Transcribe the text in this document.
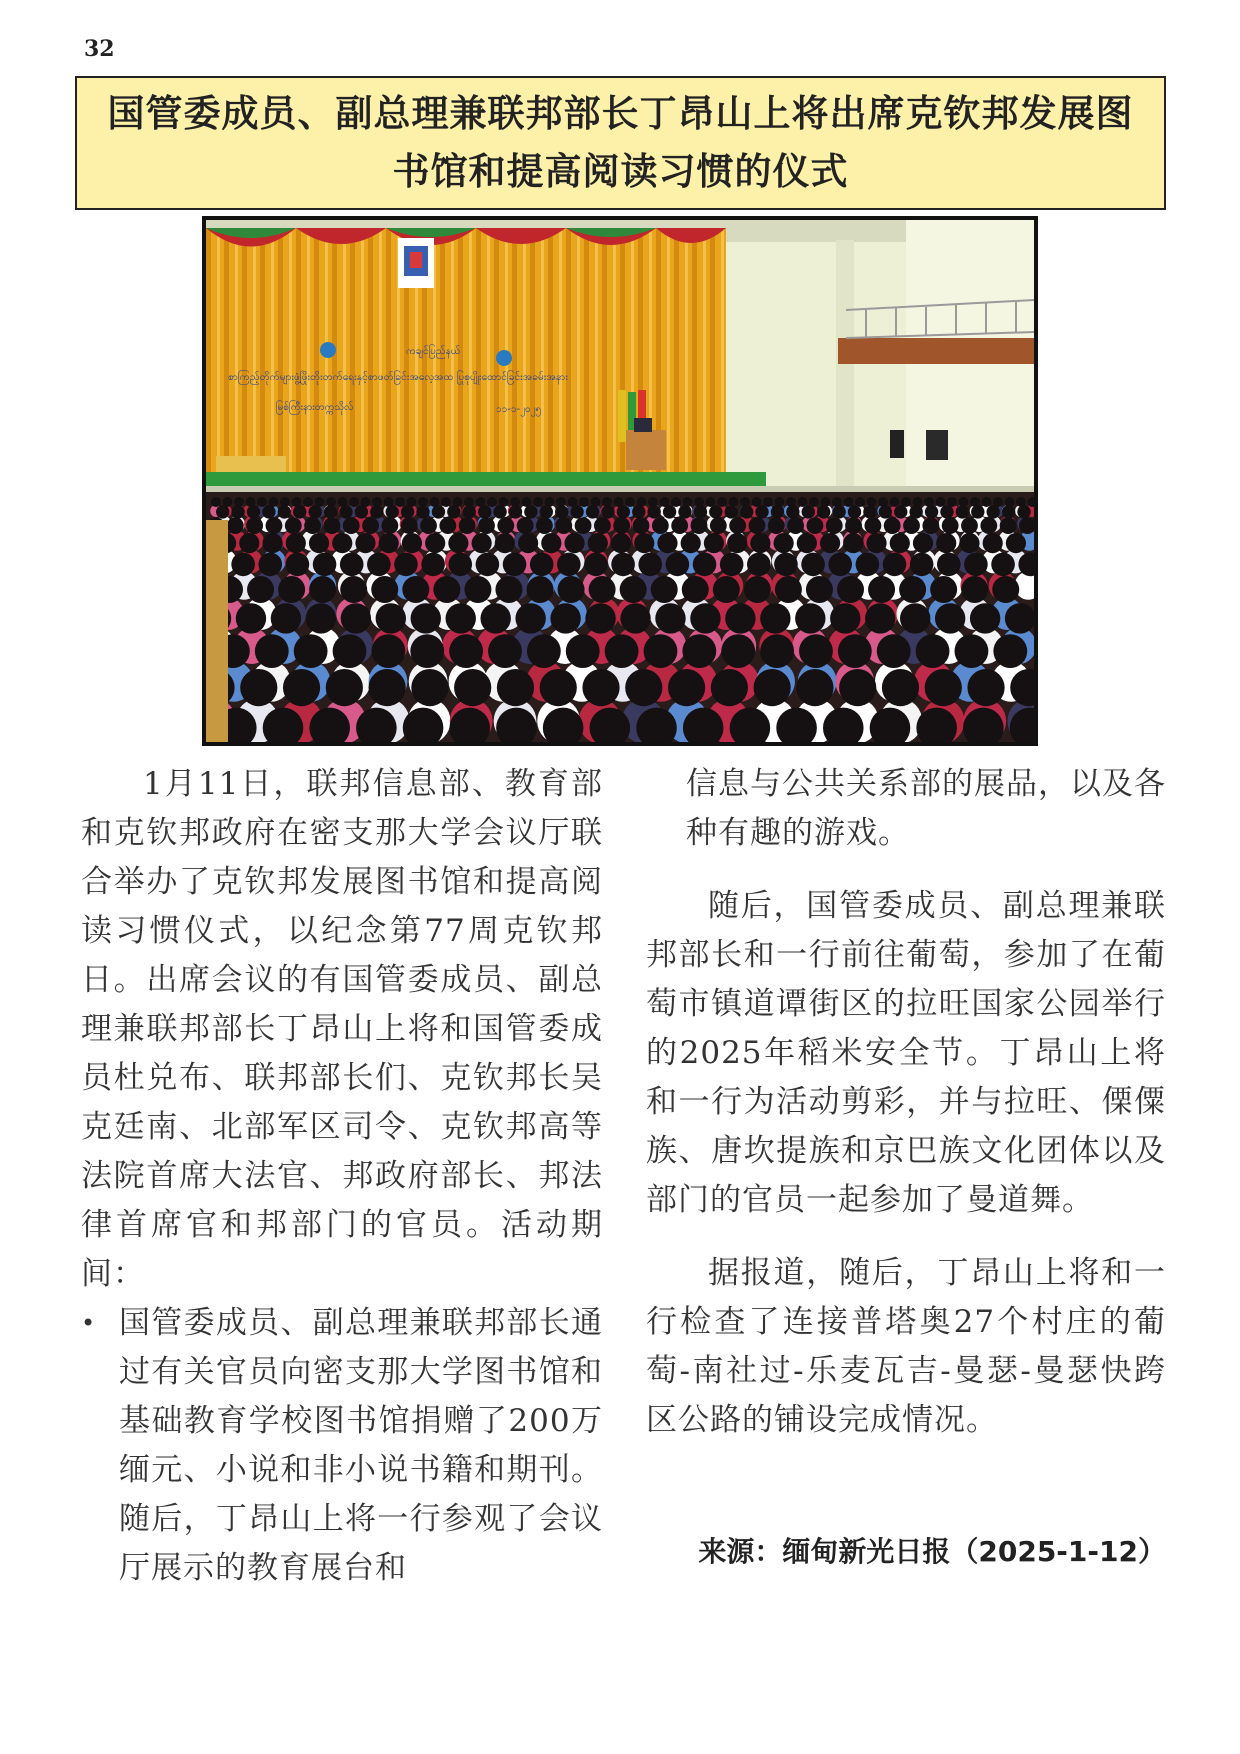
32
国管委成员、副总理兼联邦部长丁昂山上将出席克钦邦发展图书馆和提高阅读习惯的仪式
ကချင်ပြည်နယ်
စာကြည့်တိုက်များဖွံ့ဖြိုးတိုးတက်ရေးနှင့်စာဖတ်ခြင်းအလေ့အထ ပြုစုပျိုးထောင်ခြင်းအခမ်းအနား
မြစ်ကြီးနားတက္ကသိုလ်	၁၁-၁-၂၀၂၅

1月11日，联邦信息部、教育部和克钦邦政府在密支那大学会议厅联合举办了克钦邦发展图书馆和提高阅读习惯仪式，以纪念第77周克钦邦日。出席会议的有国管委成员、副总理兼联邦部长丁昂山上将和国管委成员杜兑布、联邦部长们、克钦邦长吴克廷南、北部军区司令、克钦邦高等法院首席大法官、邦政府部长、邦法律首席官和邦部门的官员。活动期间：

• 国管委成员、副总理兼联邦部长通过有关官员向密支那大学图书馆和基础教育学校图书馆捐赠了200万缅元、小说和非小说书籍和期刊。随后，丁昂山上将一行参观了会议厅展示的教育展台和

信息与公共关系部的展品，以及各种有趣的游戏。

随后，国管委成员、副总理兼联邦部长和一行前往葡萄，参加了在葡萄市镇道谭街区的拉旺国家公园举行的2025年稻米安全节。丁昂山上将和一行为活动剪彩，并与拉旺、傈僳族、唐坎提族和京巴族文化团体以及部门的官员一起参加了曼道舞。

据报道，随后，丁昂山上将和一行检查了连接普塔奥27个村庄的葡萄-南社过-乐麦瓦吉-曼瑟-曼瑟快跨区公路的铺设完成情况。

来源：缅甸新光日报（2025-1-12）
